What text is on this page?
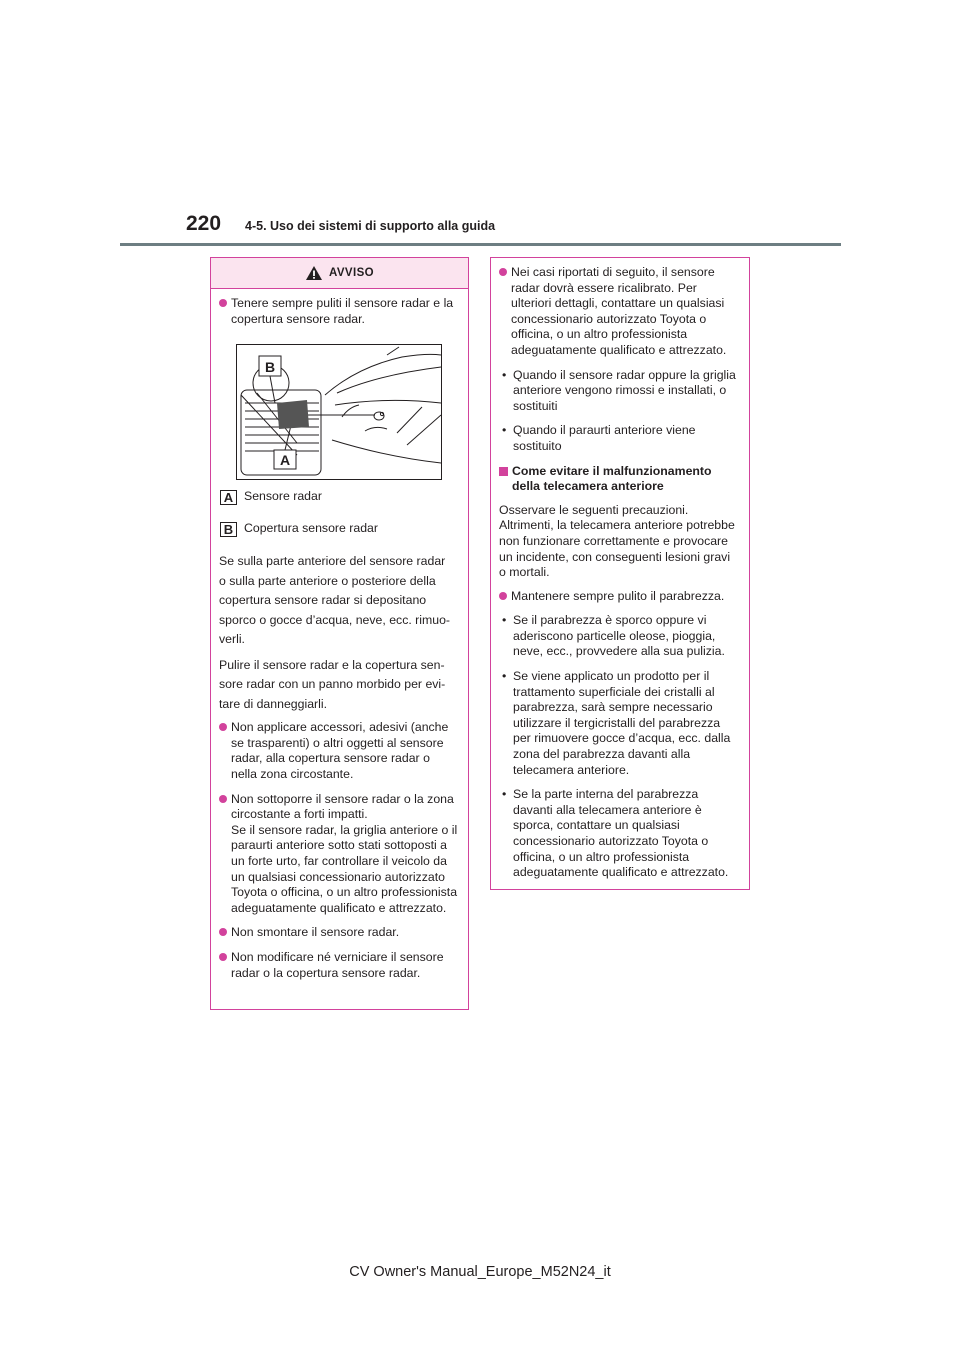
220 4-5. Uso dei sistemi di supporto alla guida
AVVISO
Tenere sempre puliti il sensore radar e la copertura sensore radar.
B
A
A Sensore radar
B Copertura sensore radar
Se sulla parte anteriore del sensore radar
o sulla parte anteriore o posteriore della
copertura sensore radar si depositano
sporco o gocce d’acqua, neve, ecc. rimuo-
verli.
Pulire il sensore radar e la copertura sen-
sore radar con un panno morbido per evi-
tare di danneggiarli.
Non applicare accessori, adesivi (anche se trasparenti) o altri oggetti al sensore radar, alla copertura sensore radar o nella zona circostante.
Non sottoporre il sensore radar o la zona circostante a forti impatti.
Se il sensore radar, la griglia anteriore o il paraurti anteriore sotto stati sottoposti a un forte urto, far controllare il veicolo da un qualsiasi concessionario autorizzato Toyota o officina, o un altro professionista adeguatamente qualificato e attrezzato.
Non smontare il sensore radar.
Non modificare né verniciare il sensore radar o la copertura sensore radar.
Nei casi riportati di seguito, il sensore radar dovrà essere ricalibrato. Per ulteriori dettagli, contattare un qualsiasi concessionario autorizzato Toyota o officina, o un altro professionista adeguatamente qualificato e attrezzato.
• Quando il sensore radar oppure la griglia anteriore vengono rimossi e installati, o sostituiti
• Quando il paraurti anteriore viene sostituito
Come evitare il malfunzionamento della telecamera anteriore
Osservare le seguenti precauzioni. Altrimenti, la telecamera anteriore potrebbe non funzionare correttamente e provocare un incidente, con conseguenti lesioni gravi o mortali.
Mantenere sempre pulito il parabrezza.
• Se il parabrezza è sporco oppure vi aderiscono particelle oleose, pioggia, neve, ecc., provvedere alla sua pulizia.
• Se viene applicato un prodotto per il trattamento superficiale dei cristalli al parabrezza, sarà sempre necessario utilizzare il tergicristalli del parabrezza per rimuovere gocce d’acqua, ecc. dalla zona del parabrezza davanti alla telecamera anteriore.
• Se la parte interna del parabrezza davanti alla telecamera anteriore è sporca, contattare un qualsiasi concessionario autorizzato Toyota o officina, o un altro professionista adeguatamente qualificato e attrezzato.
CV Owner's Manual_Europe_M52N24_it
